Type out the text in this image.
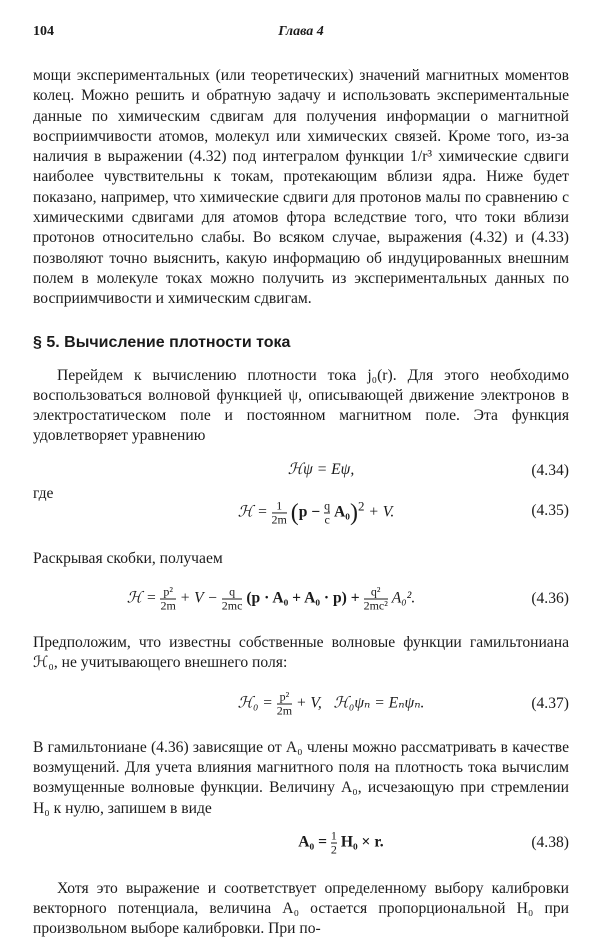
104	Глава 4

мощи экспериментальных (или теоретических) значений магнитных моментов колец. Можно решить и обратную задачу и использовать экспериментальные данные по химическим сдвигам для получения информации о магнитной восприимчивости атомов, молекул или химических связей. Кроме того, из-за наличия в выражении (4.32) под интегралом функции 1/r³ химические сдвиги наиболее чувствительны к токам, протекающим вблизи ядра. Ниже будет показано, например, что химические сдвиги для протонов малы по сравнению с химическими сдвигами для атомов фтора вследствие того, что токи вблизи протонов относительно слабы. Во всяком случае, выражения (4.32) и (4.33) позволяют точно выяснить, какую информацию об индуцированных внешним полем в молекуле токах можно получить из экспериментальных данных по восприимчивости и химическим сдвигам.

§ 5. Вычисление плотности тока

Перейдем к вычислению плотности тока j₀(r). Для этого необходимо воспользоваться волновой функцией ψ, описывающей движение электронов в электростатическом поле и постоянном магнитном поле. Эта функция удовлетворяет уравнению

ℋψ = Eψ,	(4.34)
где
ℋ = $\frac{1}{2m} (p - \frac{q}{c} A_0)^2 + V$.	(4.35)

Раскрывая скобки, получаем

ℋ = $\frac{\text{p²}}{2m} + V - \frac{q}{2mc} (p \cdot A_0 + A_0 \cdot p) + \frac{\text{q²}}{\text{2mc²}} A_0^2$.	(4.36)

Предположим, что известны собственные волновые функции гамильтониана ℋ₀, не учитывающего внешнего поля:

ℋ₀ = $\frac{\text{p²}}{2m} + V$,   ℋ₀ψₙ = Eₙψₙ.	(4.37)

В гамильтониане (4.36) зависящие от A₀ члены можно рассматривать в качестве возмущений. Для учета влияния магнитного поля на плотность тока вычислим возмущенные волновые функции. Величину A₀, исчезающую при стремлении H₀ к нулю, запишем в виде

$A_0 = \frac{1}{2} H_0 \times r$.	(4.38)

Хотя это выражение и соответствует определенному выбору калибровки векторного потенциала, величина A₀ остается пропорциональной H₀ при произвольном выборе калибровки. При по-
